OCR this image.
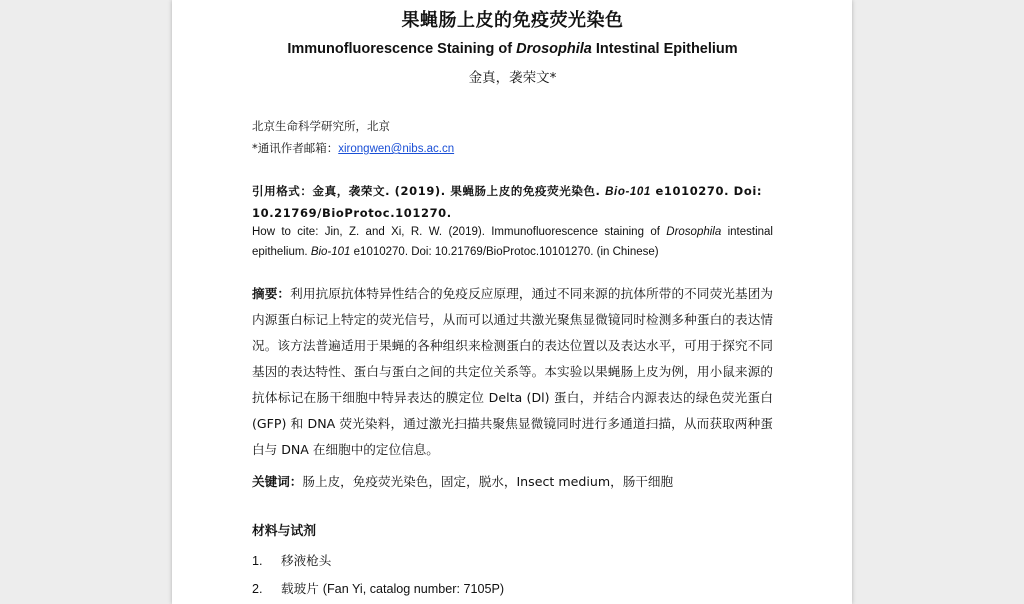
果蝇肠上皮的免疫荧光染色
Immunofluorescence Staining of Drosophila Intestinal Epithelium
金真，袭荣文*
北京生命科学研究所，北京
*通讯作者邮箱：xirongwen@nibs.ac.cn
引用格式：金真，袭荣文. (2019). 果蝇肠上皮的免疫荧光染色. Bio-101 e1010270. Doi: 10.21769/BioProtoc.101270.
How to cite: Jin, Z. and Xi, R. W. (2019). Immunofluorescence staining of Drosophila intestinal epithelium. Bio-101 e1010270. Doi: 10.21769/BioProtoc.10101270. (in Chinese)
摘要：利用抗原抗体特异性结合的免疫反应原理，通过不同来源的抗体所带的不同荧光基团为内源蛋白标记上特定的荧光信号，从而可以通过共激光聚焦显微镜同时检测多种蛋白的表达情况。该方法普遍适用于果蝇的各种组织来检测蛋白的表达位置以及表达水平，可用于探究不同基因的表达特性、蛋白与蛋白之间的共定位关系等。本实验以果蝇肠上皮为例，用小鼠来源的抗体标记在肠干细胞中特异表达的膜定位 Delta (Dl) 蛋白，并结合内源表达的绿色荧光蛋白 (GFP) 和 DNA 荧光染料，通过激光扫描共聚焦显微镜同时进行多通道扫描，从而获取两种蛋白与 DNA 在细胞中的定位信息。
关键词：肠上皮，免疫荧光染色，固定，脱水，Insect medium，肠干细胞
材料与试剂
1. 移液枪头
2. 载玻片 (Fan Yi, catalog number: 7105P)
